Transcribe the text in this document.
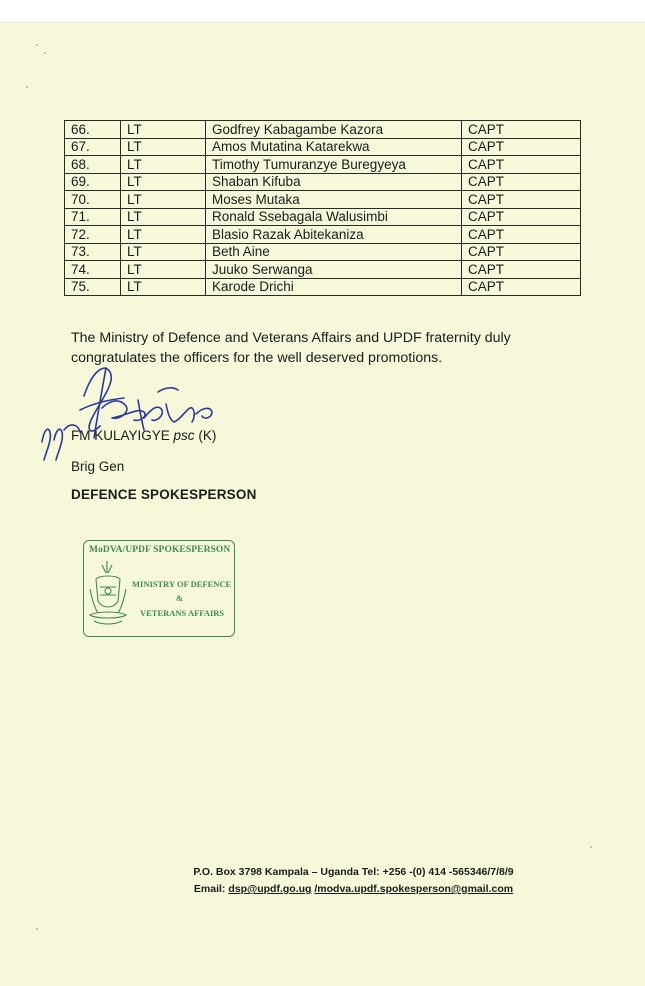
66.	LT	Godfrey Kabagambe Kazora	CAPT
67.	LT	Amos Mutatina Katarekwa	CAPT
68.	LT	Timothy Tumuranzye Buregyeya	CAPT
69.	LT	Shaban Kifuba	CAPT
70.	LT	Moses Mutaka	CAPT
71.	LT	Ronald Ssebagala Walusimbi	CAPT
72.	LT	Blasio Razak Abitekaniza	CAPT
73.	LT	Beth Aine	CAPT
74.	LT	Juuko Serwanga	CAPT
75.	LT	Karode Drichi	CAPT
The Ministry of Defence and Veterans Affairs and UPDF fraternity duly
congratulates the officers for the well deserved promotions.
FM KULAYIGYE psc (K)
Brig Gen
DEFENCE SPOKESPERSON
MoDVA/UPDF SPOKESPERSON
MINISTRY OF DEFENCE
&
VETERANS AFFAIRS
P.O. Box 3798 Kampala – Uganda Tel: +256 -(0) 414 -565346/7/8/9
Email: dsp@updf.go.ug /modva.updf.spokesperson@gmail.com
